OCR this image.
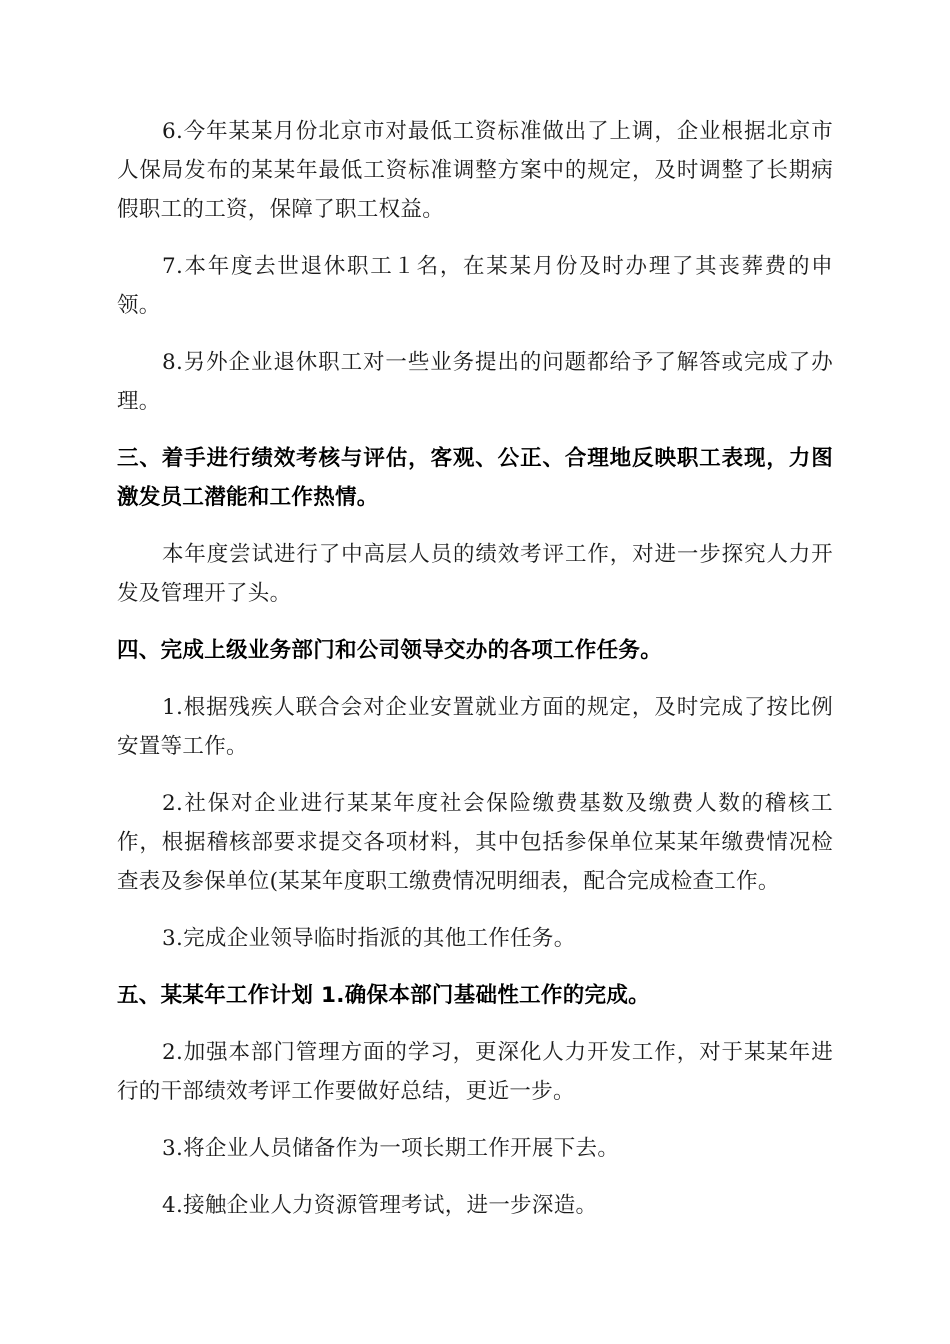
6.今年某某月份北京市对最低工资标准做出了上调，企业根据北京市人保局发布的某某年最低工资标准调整方案中的规定，及时调整了长期病假职工的工资，保障了职工权益。

7.本年度去世退休职工１名，在某某月份及时办理了其丧葬费的申领。

8.另外企业退休职工对一些业务提出的问题都给予了解答或完成了办理。

三、着手进行绩效考核与评估，客观、公正、合理地反映职工表现，力图激发员工潜能和工作热情。

本年度尝试进行了中高层人员的绩效考评工作，对进一步探究人力开发及管理开了头。

四、完成上级业务部门和公司领导交办的各项工作任务。

1.根据残疾人联合会对企业安置就业方面的规定，及时完成了按比例安置等工作。

2.社保对企业进行某某年度社会保险缴费基数及缴费人数的稽核工作，根据稽核部要求提交各项材料，其中包括参保单位某某年缴费情况检查表及参保单位(某某年度职工缴费情况明细表，配合完成检查工作。

3.完成企业领导临时指派的其他工作任务。

五、某某年工作计划 1.确保本部门基础性工作的完成。

2.加强本部门管理方面的学习，更深化人力开发工作，对于某某年进行的干部绩效考评工作要做好总结，更近一步。

3.将企业人员储备作为一项长期工作开展下去。

4.接触企业人力资源管理考试，进一步深造。
